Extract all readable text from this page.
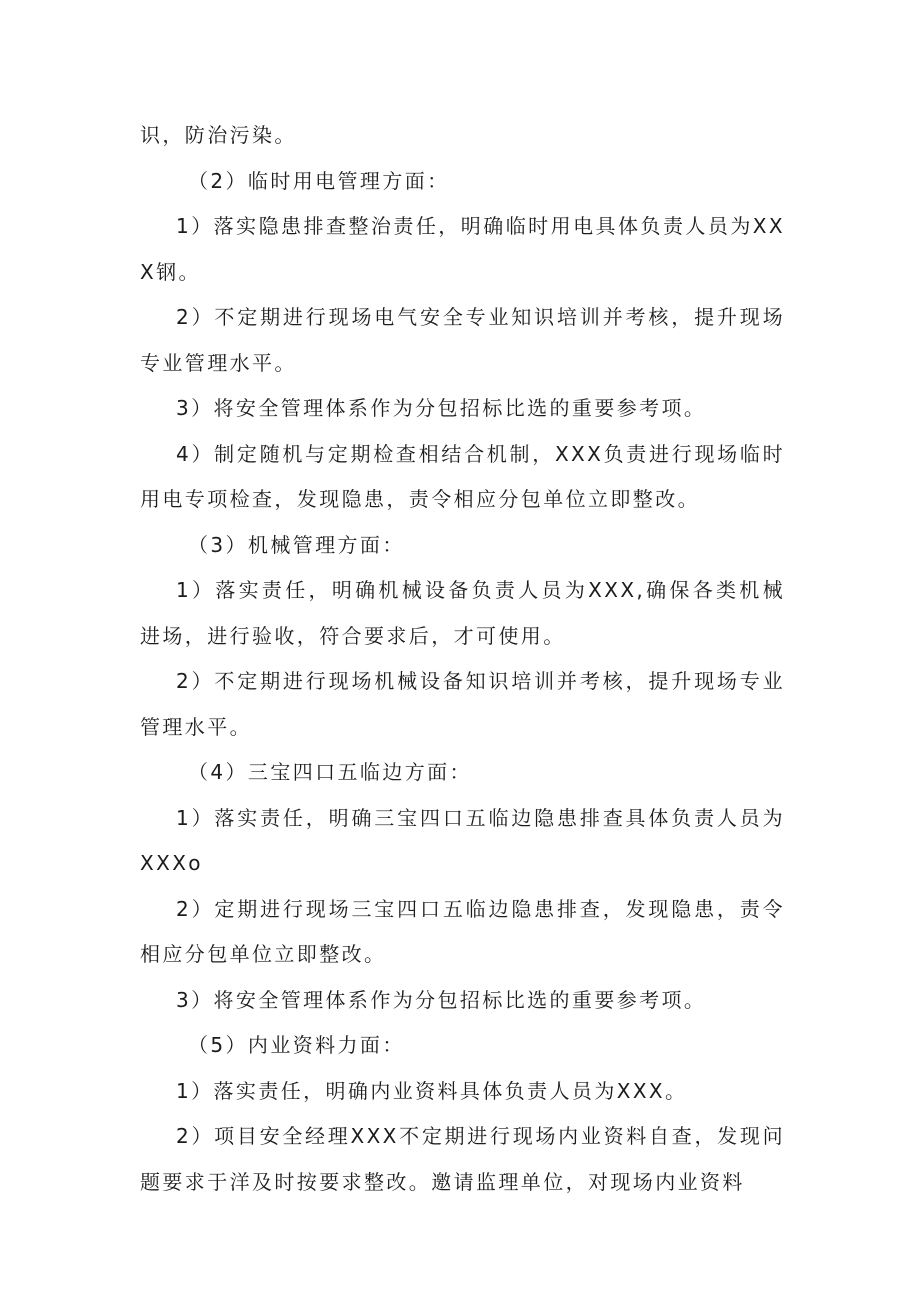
识，防治污染。

（2）临时用电管理方面：

1）落实隐患排查整治责任，明确临时用电具体负责人员为XXX钢。

2）不定期进行现场电气安全专业知识培训并考核，提升现场专业管理水平。

3）将安全管理体系作为分包招标比选的重要参考项。

4）制定随机与定期检查相结合机制，XXX负责进行现场临时用电专项检查，发现隐患，责令相应分包单位立即整改。

（3）机械管理方面：

1）落实责任，明确机械设备负责人员为XXX,确保各类机械进场，进行验收，符合要求后，才可使用。

2）不定期进行现场机械设备知识培训并考核，提升现场专业管理水平。

（4）三宝四口五临边方面：

1）落实责任，明确三宝四口五临边隐患排查具体负责人员为XXXo

2）定期进行现场三宝四口五临边隐患排查，发现隐患，责令相应分包单位立即整改。

3）将安全管理体系作为分包招标比选的重要参考项。

（5）内业资料力面：

1）落实责任，明确内业资料具体负责人员为XXX。

2）项目安全经理XXX不定期进行现场内业资料自查，发现问题要求于洋及时按要求整改。邀请监理单位，对现场内业资料
